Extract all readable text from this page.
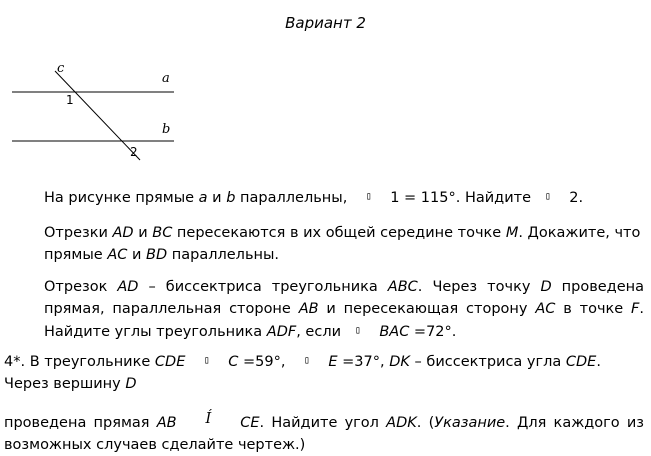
Вариант 2
c
a
b
1
2
На рисунке прямые a и b параллельны, ▯ 1 = 115°. Найдите ▯ 2.
Отрезки AD и BC пересекаются в их общей середине точке M. Докажите, что прямые AC и BD параллельны.
Отрезок AD – биссектриса треугольника ABC. Через точку D проведена прямая, параллельная стороне AB и пересекающая сторону AC в точке F. Найдите углы треугольника ADF, если ▯ BAC =72°.
4*. В треугольнике CDE ▯ C =59°, ▯ E =37°, DK – биссектриса угла CDE. Через вершину D
проведена прямая AB Í CE. Найдите угол ADK. (Указание. Для каждого из возможных случаев сделайте чертеж.)
